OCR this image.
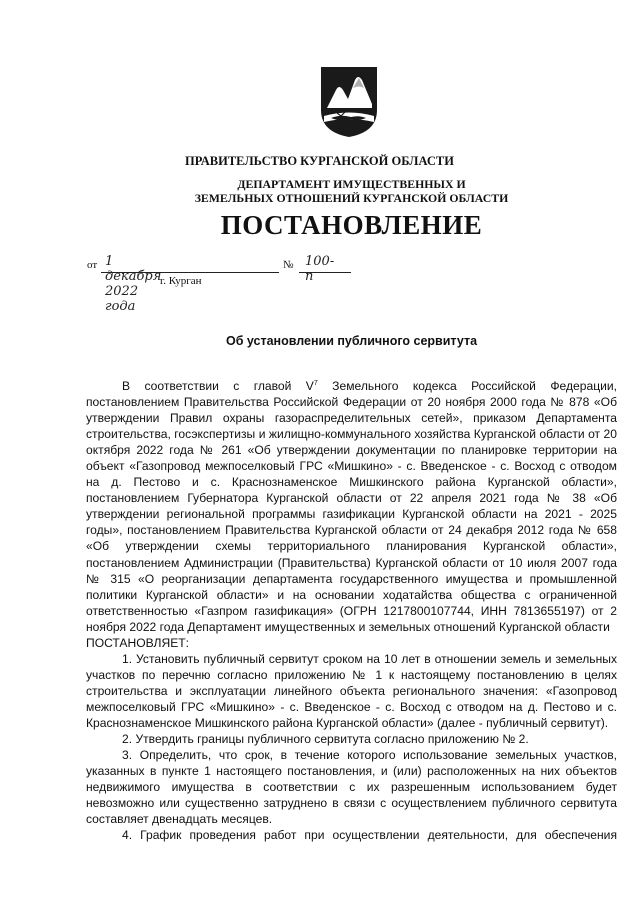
ПРАВИТЕЛЬСТВО КУРГАНСКОЙ ОБЛАСТИ
ДЕПАРТАМЕНТ ИМУЩЕСТВЕННЫХ И
ЗЕМЕЛЬНЫХ ОТНОШЕНИЙ КУРГАНСКОЙ ОБЛАСТИ
ПОСТАНОВЛЕНИЕ
от 1 декабря 2022 года
№ 100-п
г. Курган
Об установлении публичного сервитута

В соответствии с главой $V^7$ Земельного кодекса Российской Федерации, постановлением Правительства Российской Федерации от 20 ноября 2000 года № 878 «Об утверждении Правил охраны газораспределительных сетей», приказом Департамента строительства, госэкспертизы и жилищно-коммунального хозяйства Курганской области от 20 октября 2022 года № 261 «Об утверждении документации по планировке территории на объект «Газопровод межпоселковый ГРС «Мишкино» - с. Введенское - с. Восход с отводом на д. Пестово и с. Краснознаменское Мишкинского района Курганской области», постановлением Губернатора Курганской области от 22 апреля 2021 года № 38 «Об утверждении региональной программы газификации Курганской области на 2021 - 2025 годы», постановлением Правительства Курганской области от 24 декабря 2012 года № 658 «Об утверждении схемы территориального планирования Курганской области», постановлением Администрации (Правительства) Курганской области от 10 июля 2007 года № 315 «О реорганизации департамента государственного имущества и промышленной политики Курганской области» и на основании ходатайства общества с ограниченной ответственностью «Газпром газификация» (ОГРН 1217800107744, ИНН 7813655197) от 2 ноября 2022 года Департамент имущественных и земельных отношений Курганской области

ПОСТАНОВЛЯЕТ:

1. Установить публичный сервитут сроком на 10 лет в отношении земель и земельных участков по перечню согласно приложению № 1 к настоящему постановлению в целях строительства и эксплуатации линейного объекта регионального значения: «Газопровод межпоселковый ГРС «Мишкино» - с. Введенское - с. Восход с отводом на д. Пестово и с. Краснознаменское Мишкинского района Курганской области» (далее - публичный сервитут).

2. Утвердить границы публичного сервитута согласно приложению № 2.

3. Определить, что срок, в течение которого использование земельных участков, указанных в пункте 1 настоящего постановления, и (или) расположенных на них объектов недвижимого имущества в соответствии с их разрешенным использованием будет невозможно или существенно затруднено в связи с осуществлением публичного сервитута составляет двенадцать месяцев.

4. График проведения работ при осуществлении деятельности, для обеспечения
